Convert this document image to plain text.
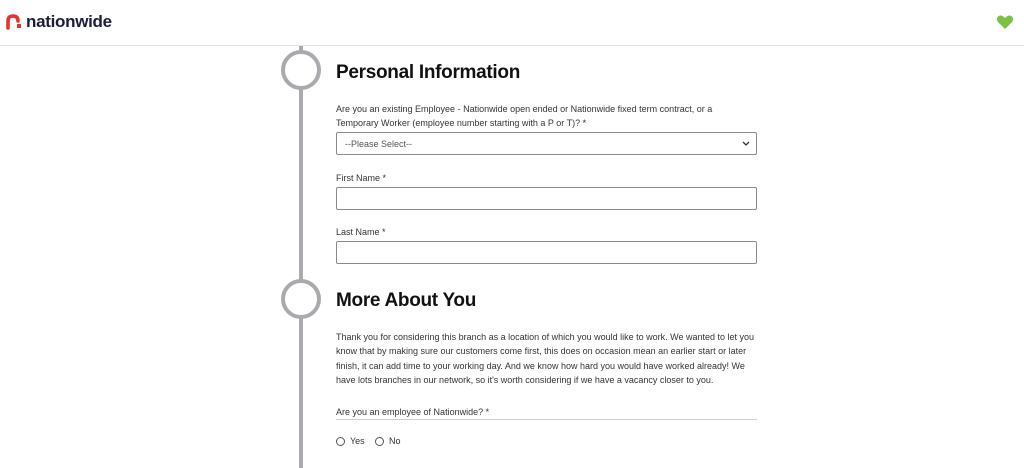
nationwide
Personal Information
Are you an existing Employee - Nationwide open ended or Nationwide fixed term contract, or a Temporary Worker (employee number starting with a P or T)? *
--Please Select--
First Name *
Last Name *
More About You
Thank you for considering this branch as a location of which you would like to work. We wanted to let you know that by making sure our customers come first, this does on occasion mean an earlier start or later finish, it can add time to your working day. And we know how hard you would have worked already! We have lots branches in our network, so it's worth considering if we have a vacancy closer to you.
Are you an employee of Nationwide? *
Yes	No
